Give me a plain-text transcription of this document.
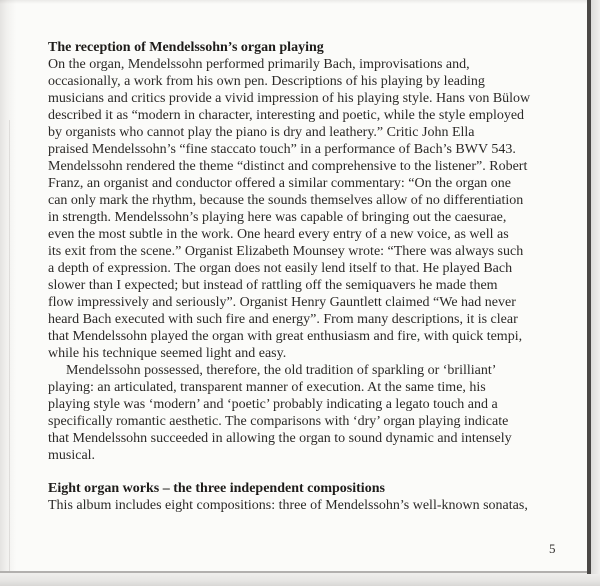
The reception of Mendelssohn’s organ playing
On the organ, Mendelssohn performed primarily Bach, improvisations and,
occasionally, a work from his own pen. Descriptions of his playing by leading
musicians and critics provide a vivid impression of his playing style. Hans von Bülow
described it as “modern in character, interesting and poetic, while the style employed
by organists who cannot play the piano is dry and leathery.” Critic John Ella
praised Mendelssohn’s “fine staccato touch” in a performance of Bach’s BWV 543.
Mendelssohn rendered the theme “distinct and comprehensive to the listener”. Robert
Franz, an organist and conductor offered a similar commentary: “On the organ one
can only mark the rhythm, because the sounds themselves allow of no differentiation
in strength. Mendelssohn’s playing here was capable of bringing out the caesurae,
even the most subtle in the work. One heard every entry of a new voice, as well as
its exit from the scene.” Organist Elizabeth Mounsey wrote: “There was always such
a depth of expression. The organ does not easily lend itself to that. He played Bach
slower than I expected; but instead of rattling off the semiquavers he made them
flow impressively and seriously”. Organist Henry Gauntlett claimed “We had never
heard Bach executed with such fire and energy”. From many descriptions, it is clear
that Mendelssohn played the organ with great enthusiasm and fire, with quick tempi,
while his technique seemed light and easy.
Mendelssohn possessed, therefore, the old tradition of sparkling or ‘brilliant’
playing: an articulated, transparent manner of execution. At the same time, his
playing style was ‘modern’ and ‘poetic’ probably indicating a legato touch and a
specifically romantic aesthetic. The comparisons with ‘dry’ organ playing indicate
that Mendelssohn succeeded in allowing the organ to sound dynamic and intensely
musical.
Eight organ works – the three independent compositions
This album includes eight compositions: three of Mendelssohn’s well-known sonatas,
5
